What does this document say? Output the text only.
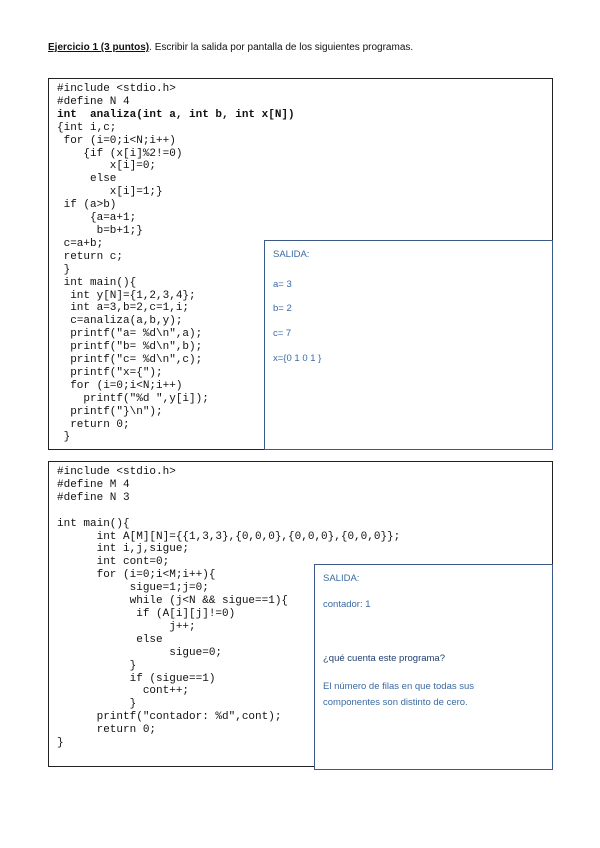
Ejercicio 1 (3 puntos). Escribir la salida por pantalla de los siguientes programas.
#include <stdio.h>
#define N 4
int  analiza(int a, int b, int x[N])
{int i,c;
for (i=0;i<N;i++)
{if (x[i]%2!=0)
x[i]=0;
else
x[i]=1;}
if (a>b)
{a=a+1;
b=b+1;}
c=a+b;
return c;
}
int main(){
int y[N]={1,2,3,4};
int a=3,b=2,c=1,i;
c=analiza(a,b,y);
printf("a= %d\n",a);
printf("b= %d\n",b);
printf("c= %d\n",c);
printf("x={");
for (i=0;i<N;i++)
printf("%d ",y[i]);
printf("}\n");
return 0;
}

SALIDA:
a= 3
b= 2
c= 7
x={0 1 0 1 }
#include <stdio.h>
#define M 4
#define N 3

int main(){
int A[M][N]={{1,3,3},{0,0,0},{0,0,0},{0,0,0}};
int i,j,sigue;
int cont=0;
for (i=0;i<M;i++){
sigue=1;j=0;
while (j<N && sigue==1){
if (A[i][j]!=0)
j++;
else
sigue=0;
}
if (sigue==1)
cont++;
}
printf("contador: %d",cont);
return 0;
}

SALIDA:
contador: 1
¿qué cuenta este programa?
El número de filas en que todas sus
componentes son distinto de cero.
